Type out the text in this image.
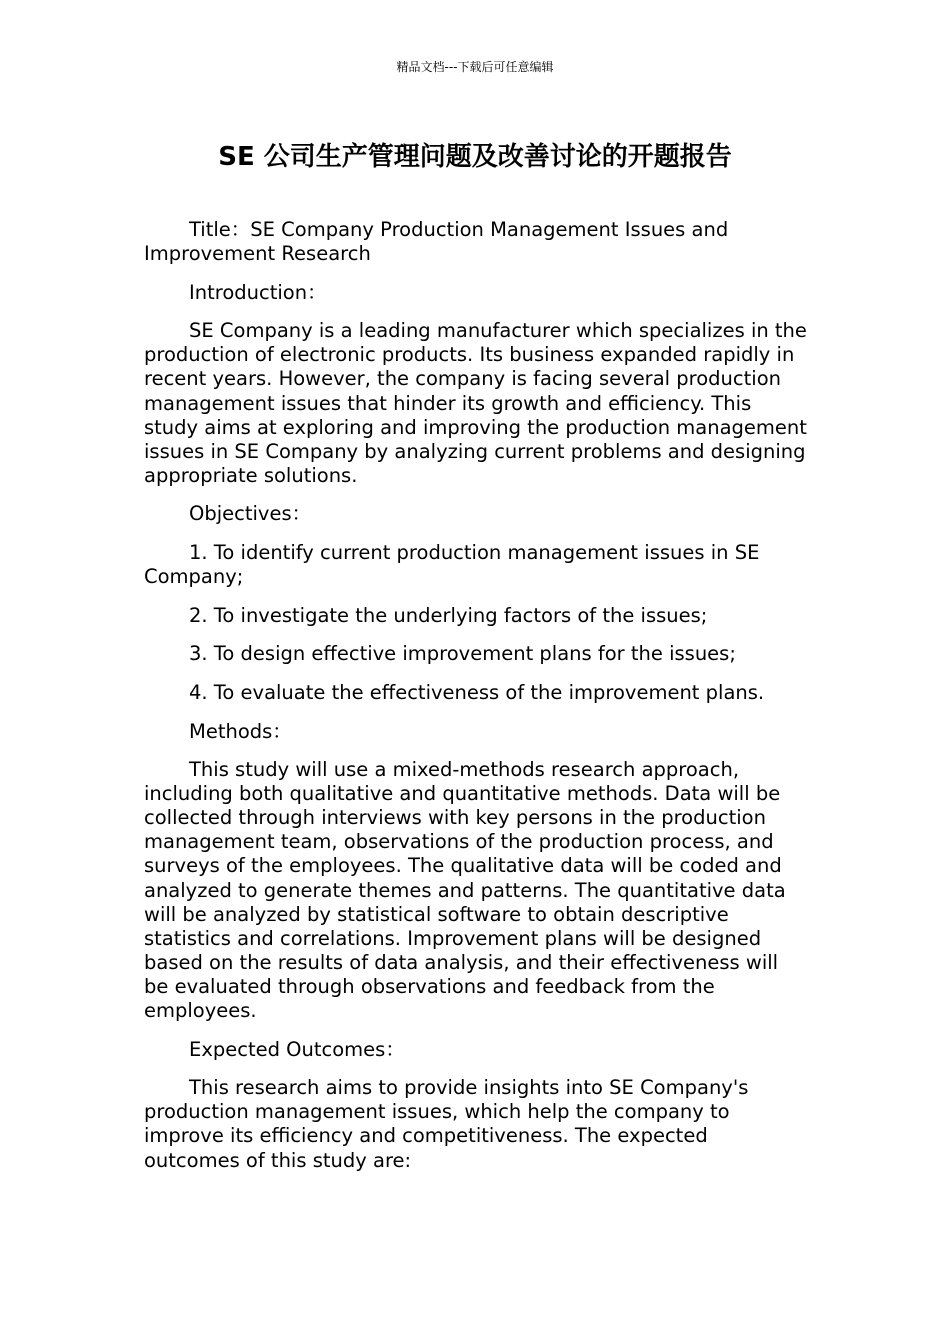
精品文档---下载后可任意编辑
SE 公司生产管理问题及改善讨论的开题报告

Title：SE Company Production Management Issues and Improvement Research

Introduction：

SE Company is a leading manufacturer which specializes in the production of electronic products. Its business expanded rapidly in recent years. However, the company is facing several production management issues that hinder its growth and efficiency. This study aims at exploring and improving the production management issues in SE Company by analyzing current problems and designing appropriate solutions.

Objectives：

1. To identify current production management issues in SE Company;

2. To investigate the underlying factors of the issues;

3. To design effective improvement plans for the issues;

4. To evaluate the effectiveness of the improvement plans.

Methods：

This study will use a mixed-methods research approach, including both qualitative and quantitative methods. Data will be collected through interviews with key persons in the production management team, observations of the production process, and surveys of the employees. The qualitative data will be coded and analyzed to generate themes and patterns. The quantitative data will be analyzed by statistical software to obtain descriptive statistics and correlations. Improvement plans will be designed based on the results of data analysis, and their effectiveness will be evaluated through observations and feedback from the employees.

Expected Outcomes：

This research aims to provide insights into SE Company's production management issues, which help the company to improve its efficiency and competitiveness. The expected outcomes of this study are:
